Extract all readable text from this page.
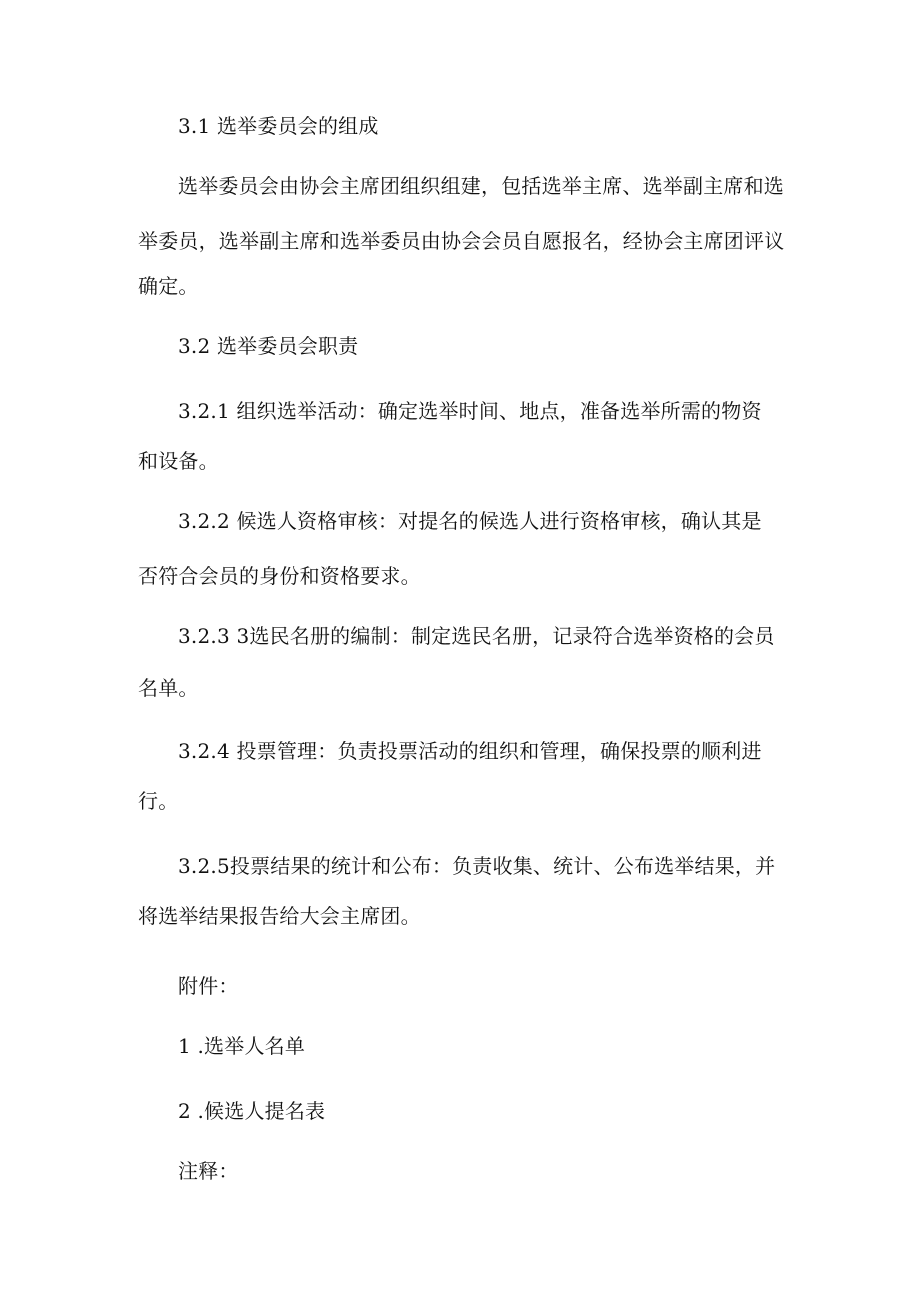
3.1 选举委员会的组成
选举委员会由协会主席团组织组建，包括选举主席、选举副主席和选
举委员，选举副主席和选举委员由协会会员自愿报名，经协会主席团评议
确定。
3.2 选举委员会职责
3.2.1 组织选举活动：确定选举时间、地点，准备选举所需的物资
和设备。
3.2.2 候选人资格审核：对提名的候选人进行资格审核，确认其是
否符合会员的身份和资格要求。
3.2.3 3选民名册的编制：制定选民名册，记录符合选举资格的会员
名单。
3.2.4 投票管理：负责投票活动的组织和管理，确保投票的顺利进
行。
3.2.5投票结果的统计和公布：负责收集、统计、公布选举结果，并
将选举结果报告给大会主席团。
附件：
1 .选举人名单
2 .候选人提名表
注释：
